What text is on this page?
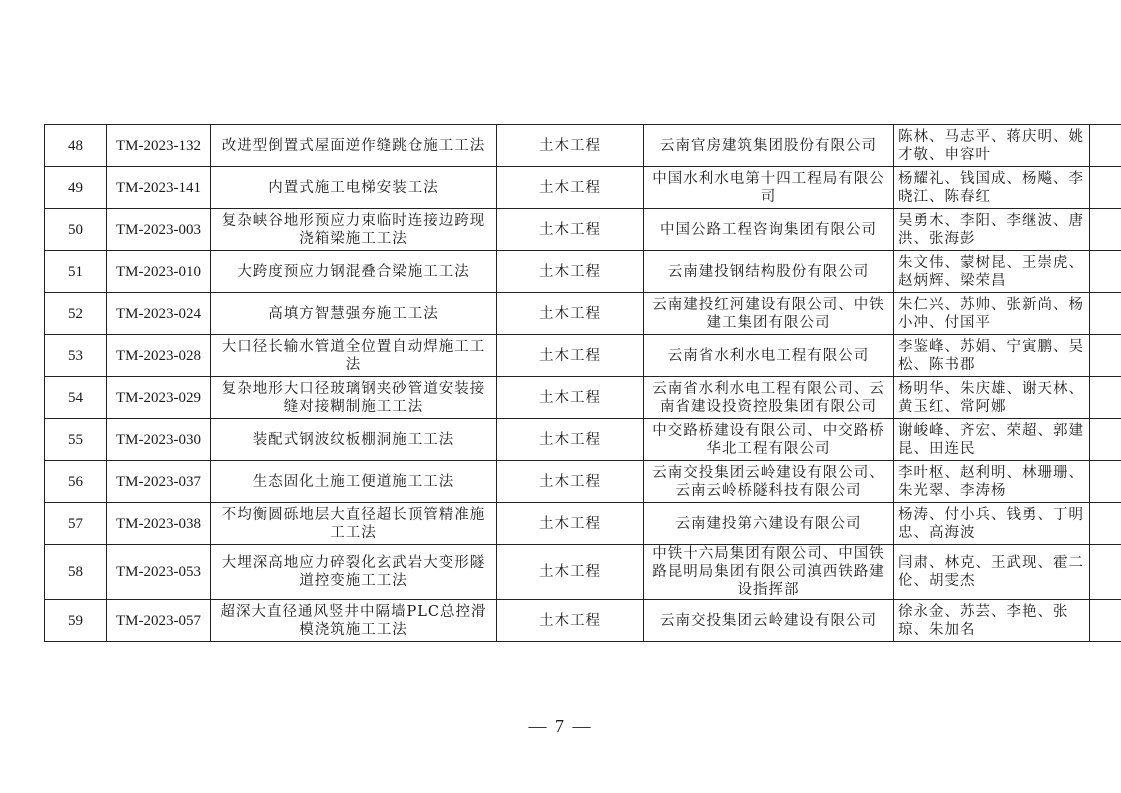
48	TM-2023-132	改进型倒置式屋面逆作缝跳仓施工工法	土木工程	云南官房建筑集团股份有限公司	陈林、马志平、蒋庆明、姚才敬、申容叶	
49	TM-2023-141	内置式施工电梯安装工法	土木工程	中国水利水电第十四工程局有限公司	杨耀礼、钱国成、杨飚、李晓江、陈春红	
50	TM-2023-003	复杂峡谷地形预应力束临时连接边跨现浇箱梁施工工法	土木工程	中国公路工程咨询集团有限公司	吴勇木、李阳、李继波、唐洪、张海彭	
51	TM-2023-010	大跨度预应力钢混叠合梁施工工法	土木工程	云南建投钢结构股份有限公司	朱文伟、蒙树昆、王崇虎、赵炳辉、梁荣昌	
52	TM-2023-024	高填方智慧强夯施工工法	土木工程	云南建投红河建设有限公司、中铁建工集团有限公司	朱仁兴、苏帅、张新尚、杨小冲、付国平	
53	TM-2023-028	大口径长输水管道全位置自动焊施工工法	土木工程	云南省水利水电工程有限公司	李鉴峰、苏娟、宁寅鹏、吴松、陈书郡	
54	TM-2023-029	复杂地形大口径玻璃钢夹砂管道安装接缝对接糊制施工工法	土木工程	云南省水利水电工程有限公司、云南省建设投资控股集团有限公司	杨明华、朱庆雄、谢天林、黄玉红、常阿娜	
55	TM-2023-030	装配式钢波纹板棚洞施工工法	土木工程	中交路桥建设有限公司、中交路桥华北工程有限公司	谢峻峰、齐宏、荣超、郭建昆、田连民	
56	TM-2023-037	生态固化土施工便道施工工法	土木工程	云南交投集团云岭建设有限公司、云南云岭桥隧科技有限公司	李叶枢、赵利明、林珊珊、朱光翠、李涛杨	
57	TM-2023-038	不均衡圆砾地层大直径超长顶管精准施工工法	土木工程	云南建投第六建设有限公司	杨涛、付小兵、钱勇、丁明忠、高海波	
58	TM-2023-053	大埋深高地应力碎裂化玄武岩大变形隧道控变施工工法	土木工程	中铁十六局集团有限公司、中国铁路昆明局集团有限公司滇西铁路建设指挥部	闫肃、林克、王武现、霍二伦、胡雯杰	
59	TM-2023-057	超深大直径通风竖井中隔墙PLC总控滑模浇筑施工工法	土木工程	云南交投集团云岭建设有限公司	徐永金、苏芸、李艳、张琼、朱加名	
— 7 —
